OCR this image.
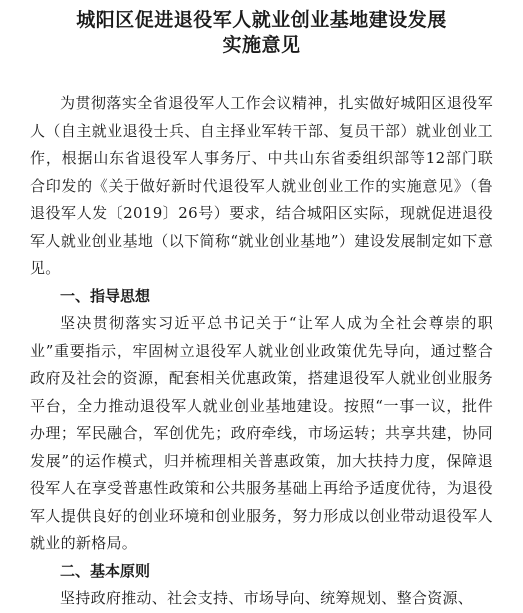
城阳区促进退役军人就业创业基地建设发展
实施意见

为贯彻落实全省退役军人工作会议精神，扎实做好城阳区退役军人（自主就业退役士兵、自主择业军转干部、复员干部）就业创业工作，根据山东省退役军人事务厅、中共山东省委组织部等12部门联合印发的《关于做好新时代退役军人就业创业工作的实施意见》（鲁退役军人发〔2019〕26号）要求，结合城阳区实际，现就促进退役军人就业创业基地（以下简称“就业创业基地”）建设发展制定如下意见。

一、指导思想

坚决贯彻落实习近平总书记关于“让军人成为全社会尊崇的职业”重要指示，牢固树立退役军人就业创业政策优先导向，通过整合政府及社会的资源，配套相关优惠政策，搭建退役军人就业创业服务平台，全力推动退役军人就业创业基地建设。按照“一事一议，批件办理；军民融合，军创优先；政府牵线，市场运转；共享共建，协同发展”的运作模式，归并梳理相关普惠政策，加大扶持力度，保障退役军人在享受普惠性政策和公共服务基础上再给予适度优待，为退役军人提供良好的创业环境和创业服务，努力形成以创业带动退役军人就业的新格局。

二、基本原则

坚持政府推动、社会支持、市场导向、统筹规划、整合资源、
